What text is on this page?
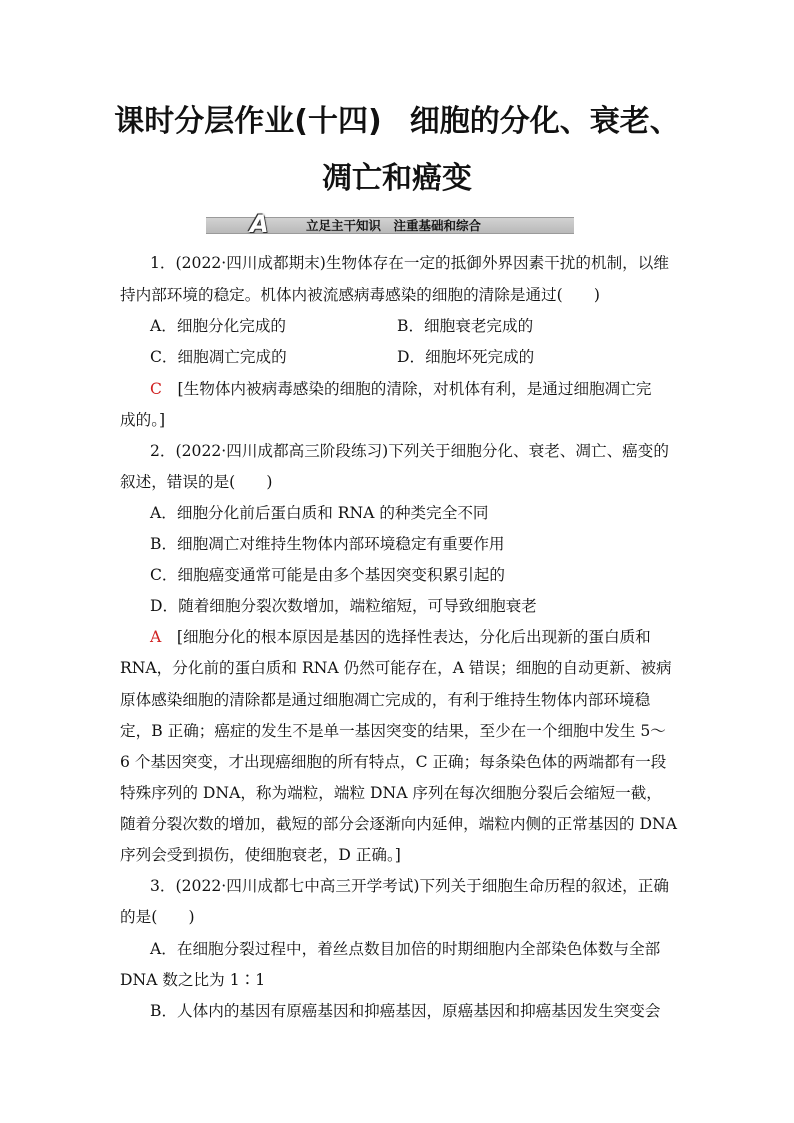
课时分层作业(十四) 细胞的分化、衰老、
凋亡和癌变
A	立足主干知识　注重基础和综合
1．(2022·四川成都期末)生物体存在一定的抵御外界因素干扰的机制，以维
持内部环境的稳定。机体内被流感病毒感染的细胞的清除是通过(　　)
A．细胞分化完成的	B．细胞衰老完成的
C．细胞凋亡完成的	D．细胞坏死完成的
C　 [生物体内被病毒感染的细胞的清除，对机体有利，是通过细胞凋亡完
成的。]
2．(2022·四川成都高三阶段练习)下列关于细胞分化、衰老、凋亡、癌变的
叙述，错误的是(　　)
A．细胞分化前后蛋白质和 RNA 的种类完全不同
B．细胞凋亡对维持生物体内部环境稳定有重要作用
C．细胞癌变通常可能是由多个基因突变积累引起的
D．随着细胞分裂次数增加，端粒缩短，可导致细胞衰老
A　 [细胞分化的根本原因是基因的选择性表达，分化后出现新的蛋白质和
RNA，分化前的蛋白质和 RNA 仍然可能存在，A 错误；细胞的自动更新、被病
原体感染细胞的清除都是通过细胞凋亡完成的，有利于维持生物体内部环境稳
定，B 正确；癌症的发生不是单一基因突变的结果，至少在一个细胞中发生 5～
6 个基因突变，才出现癌细胞的所有特点，C 正确；每条染色体的两端都有一段
特殊序列的 DNA，称为端粒，端粒 DNA 序列在每次细胞分裂后会缩短一截，
随着分裂次数的增加，截短的部分会逐渐向内延伸，端粒内侧的正常基因的 DNA
序列会受到损伤，使细胞衰老，D 正确。]
3．(2022·四川成都七中高三开学考试)下列关于细胞生命历程的叙述，正确
的是(　　)
A．在细胞分裂过程中，着丝点数目加倍的时期细胞内全部染色体数与全部
DNA 数之比为 1∶1
B．人体内的基因有原癌基因和抑癌基因，原癌基因和抑癌基因发生突变会
